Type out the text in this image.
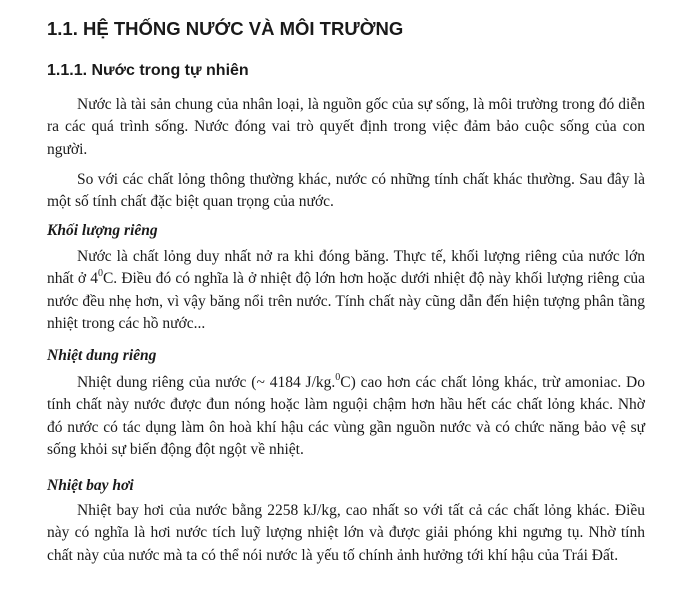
1.1. HỆ THỐNG NƯỚC VÀ MÔI TRƯỜNG
1.1.1. Nước trong tự nhiên

Nước là tài sản chung của nhân loại, là nguồn gốc của sự sống, là môi trường trong đó diễn ra các quá trình sống. Nước đóng vai trò quyết định trong việc đảm bảo cuộc sống của con người.

So với các chất lỏng thông thường khác, nước có những tính chất khác thường. Sau đây là một số tính chất đặc biệt quan trọng của nước.

Khối lượng riêng

Nước là chất lỏng duy nhất nở ra khi đóng băng. Thực tế, khối lượng riêng của nước lớn nhất ở $4^0C$. Điều đó có nghĩa là ở nhiệt độ lớn hơn hoặc dưới nhiệt độ này khối lượng riêng của nước đều nhẹ hơn, vì vậy băng nổi trên nước. Tính chất này cũng dẫn đến hiện tượng phân tầng nhiệt trong các hồ nước...

Nhiệt dung riêng

Nhiệt dung riêng của nước (~ 4184 J/kg.$^0$C) cao hơn các chất lỏng khác, trừ amoniac. Do tính chất này nước được đun nóng hoặc làm nguội chậm hơn hầu hết các chất lỏng khác. Nhờ đó nước có tác dụng làm ôn hoà khí hậu các vùng gần nguồn nước và có chức năng bảo vệ sự sống khỏi sự biến động đột ngột về nhiệt.

Nhiệt bay hơi

Nhiệt bay hơi của nước bằng 2258 kJ/kg, cao nhất so với tất cả các chất lỏng khác. Điều này có nghĩa là hơi nước tích luỹ lượng nhiệt lớn và được giải phóng khi ngưng tụ. Nhờ tính chất này của nước mà ta có thể nói nước là yếu tố chính ảnh hưởng tới khí hậu của Trái Đất.
